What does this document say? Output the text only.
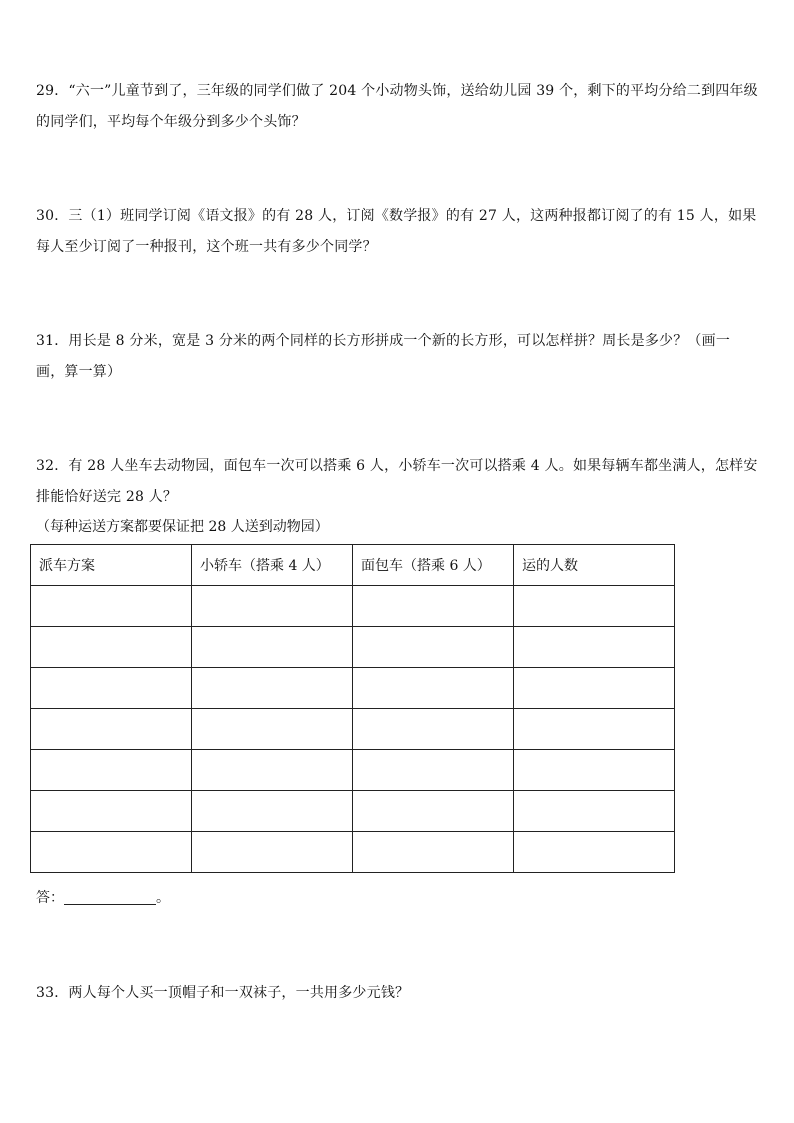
29．“六一”儿童节到了，三年级的同学们做了 204 个小动物头饰，送给幼儿园 39 个，剩下的平均分给二到四年级的同学们，平均每个年级分到多少个头饰？
30．三（1）班同学订阅《语文报》的有 28 人，订阅《数学报》的有 27 人，这两种报都订阅了的有 15 人，如果每人至少订阅了一种报刊，这个班一共有多少个同学？
31．用长是 8 分米，宽是 3 分米的两个同样的长方形拼成一个新的长方形，可以怎样拼？周长是多少？（画一画，算一算）
32．有 28 人坐车去动物园，面包车一次可以搭乘 6 人，小轿车一次可以搭乘 4 人。如果每辆车都坐满人，怎样安排能恰好送完 28 人？
（每种运送方案都要保证把 28 人送到动物园）
派车方案	小轿车（搭乘 4 人）	面包车（搭乘 6 人）	运的人数

答：	。
33．两人每个人买一顶帽子和一双袜子，一共用多少元钱？
